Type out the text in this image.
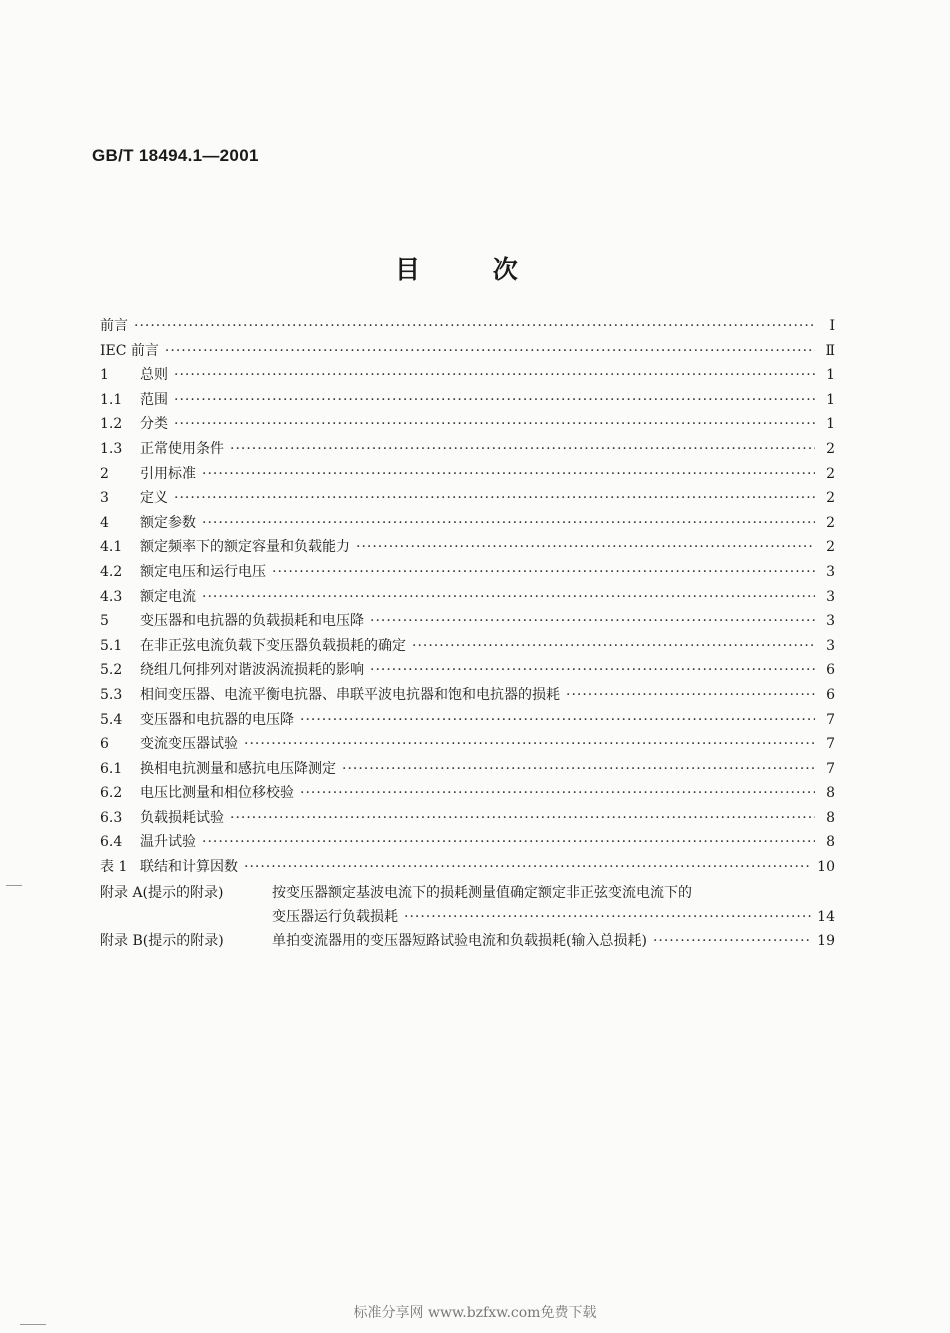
GB/T 18494.1—2001
目 次
前言 ·····	I
IEC 前言 ·····	Ⅱ
1	总则 ·····	1
1.1	范围 ·····	1
1.2	分类 ·····	1
1.3	正常使用条件 ·····	2
2	引用标准 ·····	2
3	定义 ·····	2
4	额定参数 ·····	2
4.1	额定频率下的额定容量和负载能力 ·····	2
4.2	额定电压和运行电压 ·····	3
4.3	额定电流 ·····	3
5	变压器和电抗器的负载损耗和电压降 ·····	3
5.1	在非正弦电流负载下变压器负载损耗的确定 ·····	3
5.2	绕组几何排列对谐波涡流损耗的影响 ·····	6
5.3	相间变压器、电流平衡电抗器、串联平波电抗器和饱和电抗器的损耗 ·····	6
5.4	变压器和电抗器的电压降 ·····	7
6	变流变压器试验 ·····	7
6.1	换相电抗测量和感抗电压降测定 ·····	7
6.2	电压比测量和相位移校验 ·····	8
6.3	负载损耗试验 ·····	8
6.4	温升试验 ·····	8
表 1 联结和计算因数 ·····	10
附录 A(提示的附录)	按变压器额定基波电流下的损耗测量值确定额定非正弦变流电流下的
变压器运行负载损耗 ·····	14
附录 B(提示的附录)	单拍变流器用的变压器短路试验电流和负载损耗(输入总损耗) ·····	19
标准分享网 www.bzfxw.com免费下载
